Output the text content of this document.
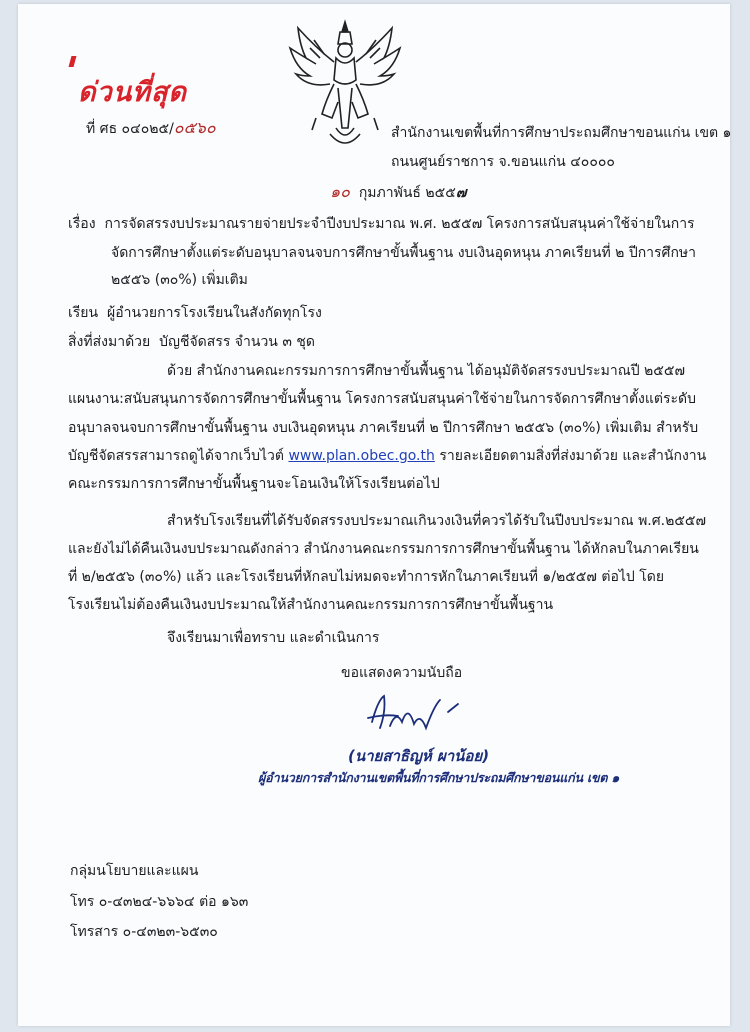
ด่วนที่สุด
ที่ ศธ ๐๔๐๒๕/๐๕๖๐	สำนักงานเขตพื้นที่การศึกษาประถมศึกษาขอนแก่น เขต ๑
ถนนศูนย์ราชการ จ.ขอนแก่น ๔๐๐๐๐
๑๐ กุมภาพันธ์ ๒๕๕๗
เรื่อง การจัดสรรงบประมาณรายจ่ายประจำปีงบประมาณ พ.ศ. ๒๕๕๗ โครงการสนับสนุนค่าใช้จ่ายในการ
จัดการศึกษาตั้งแต่ระดับอนุบาลจนจบการศึกษาขั้นพื้นฐาน งบเงินอุดหนุน ภาคเรียนที่ ๒ ปีการศึกษา
๒๕๕๖ (๓๐%) เพิ่มเติม
เรียน ผู้อำนวยการโรงเรียนในสังกัดทุกโรง
สิ่งที่ส่งมาด้วย บัญชีจัดสรร จำนวน ๓ ชุด
ด้วย สำนักงานคณะกรรมการการศึกษาขั้นพื้นฐาน ได้อนุมัติจัดสรรงบประมาณปี ๒๕๕๗
แผนงาน:สนับสนุนการจัดการศึกษาขั้นพื้นฐาน โครงการสนับสนุนค่าใช้จ่ายในการจัดการศึกษาตั้งแต่ระดับ
อนุบาลจนจบการศึกษาขั้นพื้นฐาน งบเงินอุดหนุน ภาคเรียนที่ ๒ ปีการศึกษา ๒๕๕๖ (๓๐%) เพิ่มเติม สำหรับ
บัญชีจัดสรรสามารถดูได้จากเว็บไวต์ www.plan.obec.go.th รายละเอียดตามสิ่งที่ส่งมาด้วย และสำนักงาน
คณะกรรมการการศึกษาขั้นพื้นฐานจะโอนเงินให้โรงเรียนต่อไป
สำหรับโรงเรียนที่ได้รับจัดสรรงบประมาณเกินวงเงินที่ควรได้รับในปีงบประมาณ พ.ศ.๒๕๕๗
และยังไม่ได้คืนเงินงบประมาณดังกล่าว สำนักงานคณะกรรมการการศึกษาขั้นพื้นฐาน ได้หักลบในภาคเรียน
ที่ ๒/๒๕๕๖ (๓๐%) แล้ว และโรงเรียนที่หักลบไม่หมดจะทำการหักในภาคเรียนที่ ๑/๒๕๕๗ ต่อไป โดย
โรงเรียนไม่ต้องคืนเงินงบประมาณให้สำนักงานคณะกรรมการการศึกษาขั้นพื้นฐาน
จึงเรียนมาเพื่อทราบ และดำเนินการ
ขอแสดงความนับถือ
(นายสาธิญห์ ผาน้อย)
ผู้อำนวยการสำนักงานเขตพื้นที่การศึกษาประถมศึกษาขอนแก่น เขต ๑
กลุ่มนโยบายและแผน
โทร ๐-๔๓๒๔-๖๖๖๔ ต่อ ๑๖๓
โทรสาร ๐-๔๓๒๓-๖๕๓๐
